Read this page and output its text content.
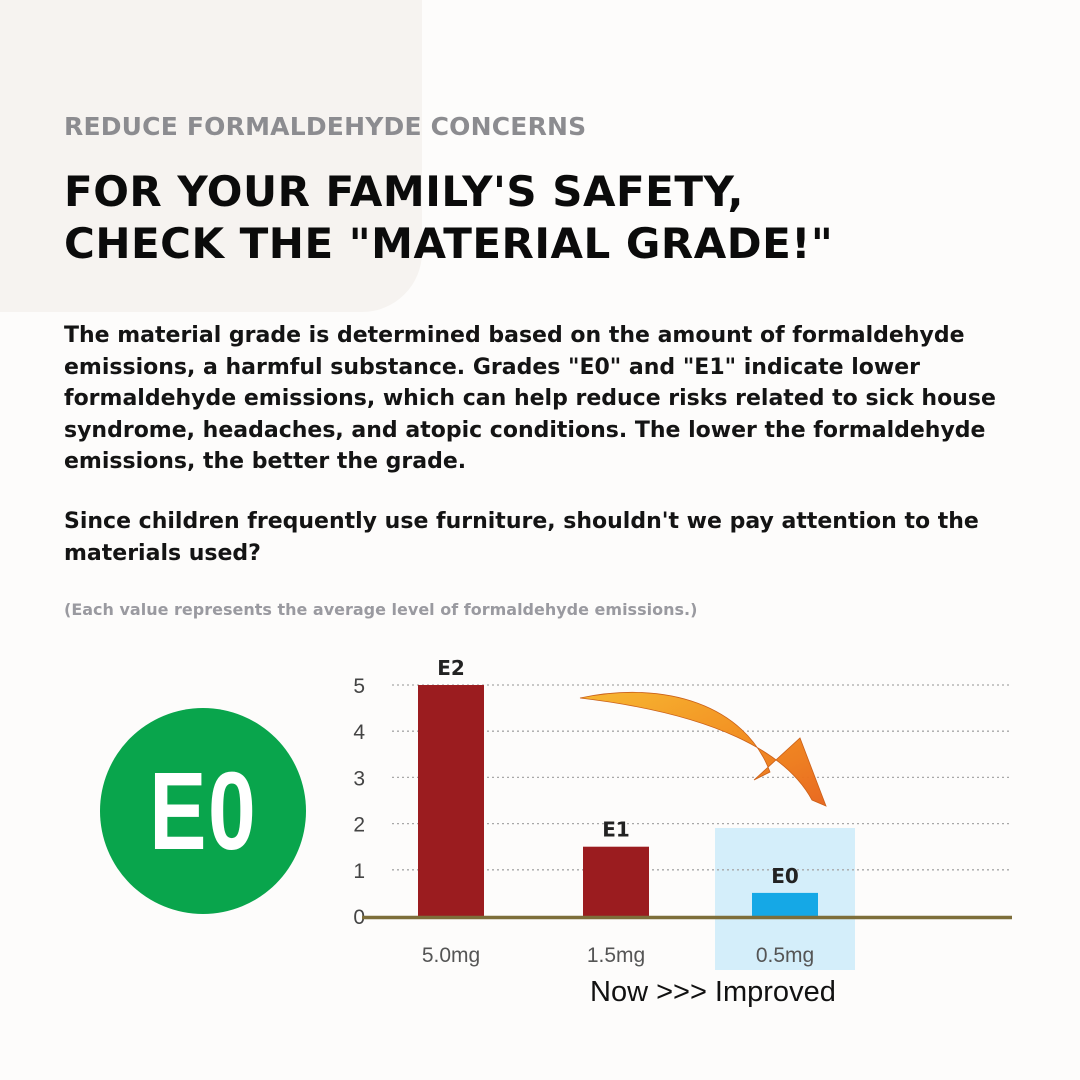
REDUCE FORMALDEHYDE CONCERNS

FOR YOUR FAMILY'S SAFETY,
CHECK THE "MATERIAL GRADE!"

The material grade is determined based on the amount of formaldehyde emissions, a harmful substance. Grades "E0" and "E1" indicate lower formaldehyde emissions, which can help reduce risks related to sick house syndrome, headaches, and atopic conditions. The lower the formaldehyde emissions, the better the grade.

Since children frequently use furniture, shouldn't we pay attention to the materials used?

(Each value represents the average level of formaldehyde emissions.)

E0
0
1
2
3
4
5
E2
5.0mg
E1
1.5mg
E0
0.5mg

Now >>> Improved
